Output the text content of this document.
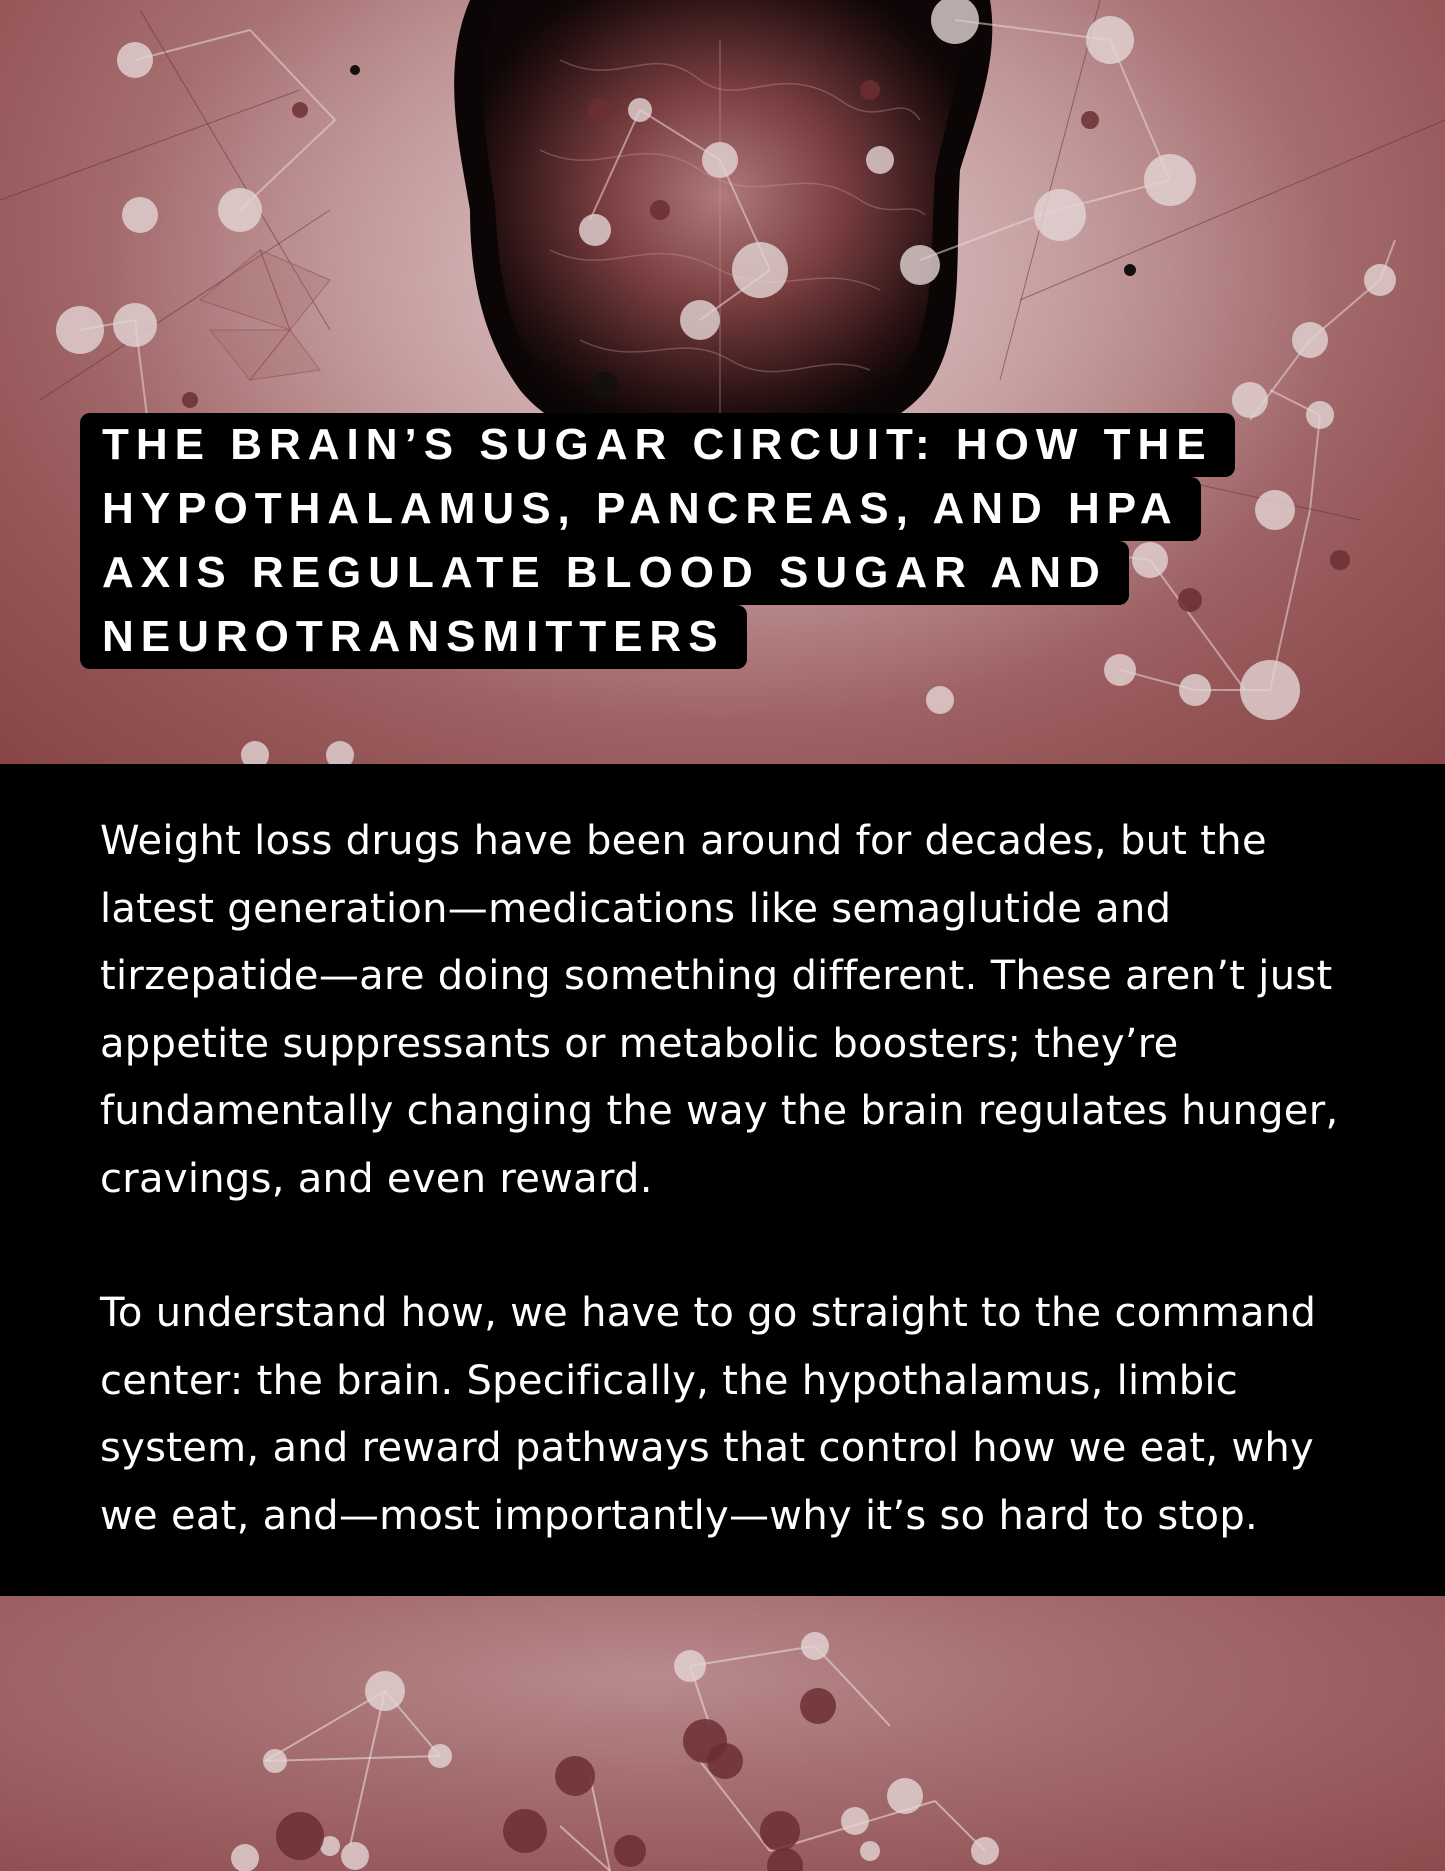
THE BRAIN’S SUGAR CIRCUIT: HOW THE
HYPOTHALAMUS, PANCREAS, AND HPA
AXIS REGULATE BLOOD SUGAR AND
NEUROTRANSMITTERS

Weight loss drugs have been around for decades, but the latest generation—medications like semaglutide and tirzepatide—are doing something different. These aren’t just appetite suppressants or metabolic boosters; they’re fundamentally changing the way the brain regulates hunger, cravings, and even reward.

To understand how, we have to go straight to the command center: the brain. Specifically, the hypothalamus, limbic system, and reward pathways that control how we eat, why we eat, and—most importantly—why it’s so hard to stop.
